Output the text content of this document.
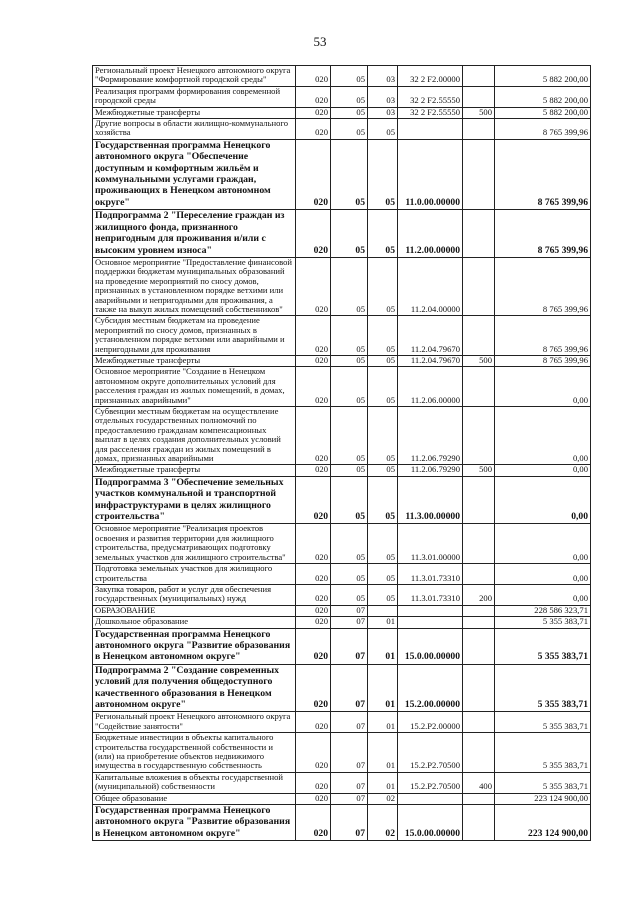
53
Региональный проект Ненецкого автономного округа "Формирование комфортной городской среды"	020	05	03	32 2 F2.00000		5 882 200,00
Реализация программ формирования современной городской среды	020	05	03	32 2 F2.55550		5 882 200,00
Межбюджетные трансферты	020	05	03	32 2 F2.55550	500	5 882 200,00
Другие вопросы в области жилищно-коммунального хозяйства	020	05	05			8 765 399,96
Государственная программа Ненецкого автономного округа "Обеспечение доступным и комфортным жильём и коммунальными услугами граждан, проживающих в Ненецком автономном округе"	020	05	05	11.0.00.00000		8 765 399,96
Подпрограмма 2 "Переселение граждан из жилищного фонда, признанного непригодным для проживания и/или с высоким уровнем износа"	020	05	05	11.2.00.00000		8 765 399,96
Основное мероприятие "Предоставление финансовой поддержки бюджетам муниципальных образований на проведение мероприятий по сносу домов, признанных в установленном порядке ветхими или аварийными и непригодными для проживания, а также на выкуп жилых помещений собственников"	020	05	05	11.2.04.00000		8 765 399,96
Субсидия местным бюджетам на проведение мероприятий по сносу домов, признанных в установленном порядке ветхими или аварийными и непригодными для проживания	020	05	05	11.2.04.79670		8 765 399,96
Межбюджетные трансферты	020	05	05	11.2.04.79670	500	8 765 399,96
Основное мероприятие "Создание в Ненецком автономном округе дополнительных условий для расселения граждан из жилых помещений, в домах, признанных аварийными"	020	05	05	11.2.06.00000		0,00
Субвенции местным бюджетам на осуществление отдельных государственных полномочий по предоставлению гражданам компенсационных выплат в целях создания дополнительных условий для расселения граждан из жилых помещений в домах, признанных аварийными	020	05	05	11.2.06.79290		0,00
Межбюджетные трансферты	020	05	05	11.2.06.79290	500	0,00
Подпрограмма 3 "Обеспечение земельных участков коммунальной и транспортной инфраструктурами в целях жилищного строительства"	020	05	05	11.3.00.00000		0,00
Основное мероприятие "Реализация проектов освоения и развития территории для жилищного строительства, предусматривающих подготовку земельных участков для жилищного строительства"	020	05	05	11.3.01.00000		0,00
Подготовка земельных участков для жилищного строительства	020	05	05	11.3.01.73310		0,00
Закупка товаров, работ и услуг для обеспечения государственных (муниципальных) нужд	020	05	05	11.3.01.73310	200	0,00
ОБРАЗОВАНИЕ	020	07				228 586 323,71
Дошкольное образование	020	07	01			5 355 383,71
Государственная программа Ненецкого автономного округа "Развитие образования в Ненецком автономном округе"	020	07	01	15.0.00.00000		5 355 383,71
Подпрограмма 2 "Создание современных условий для получения общедоступного качественного образования в Ненецком автономном округе"	020	07	01	15.2.00.00000		5 355 383,71
Региональный проект Ненецкого автономного округа "Содействие занятости"	020	07	01	15.2.P2.00000		5 355 383,71
Бюджетные инвестиции в объекты капитального строительства государственной собственности и (или) на приобретение объектов недвижимого имущества в государственную собственность	020	07	01	15.2.P2.70500		5 355 383,71
Капитальные вложения в объекты государственной (муниципальной) собственности	020	07	01	15.2.P2.70500	400	5 355 383,71
Общее образование	020	07	02			223 124 900,00
Государственная программа Ненецкого автономного округа "Развитие образования в Ненецком автономном округе"	020	07	02	15.0.00.00000		223 124 900,00
